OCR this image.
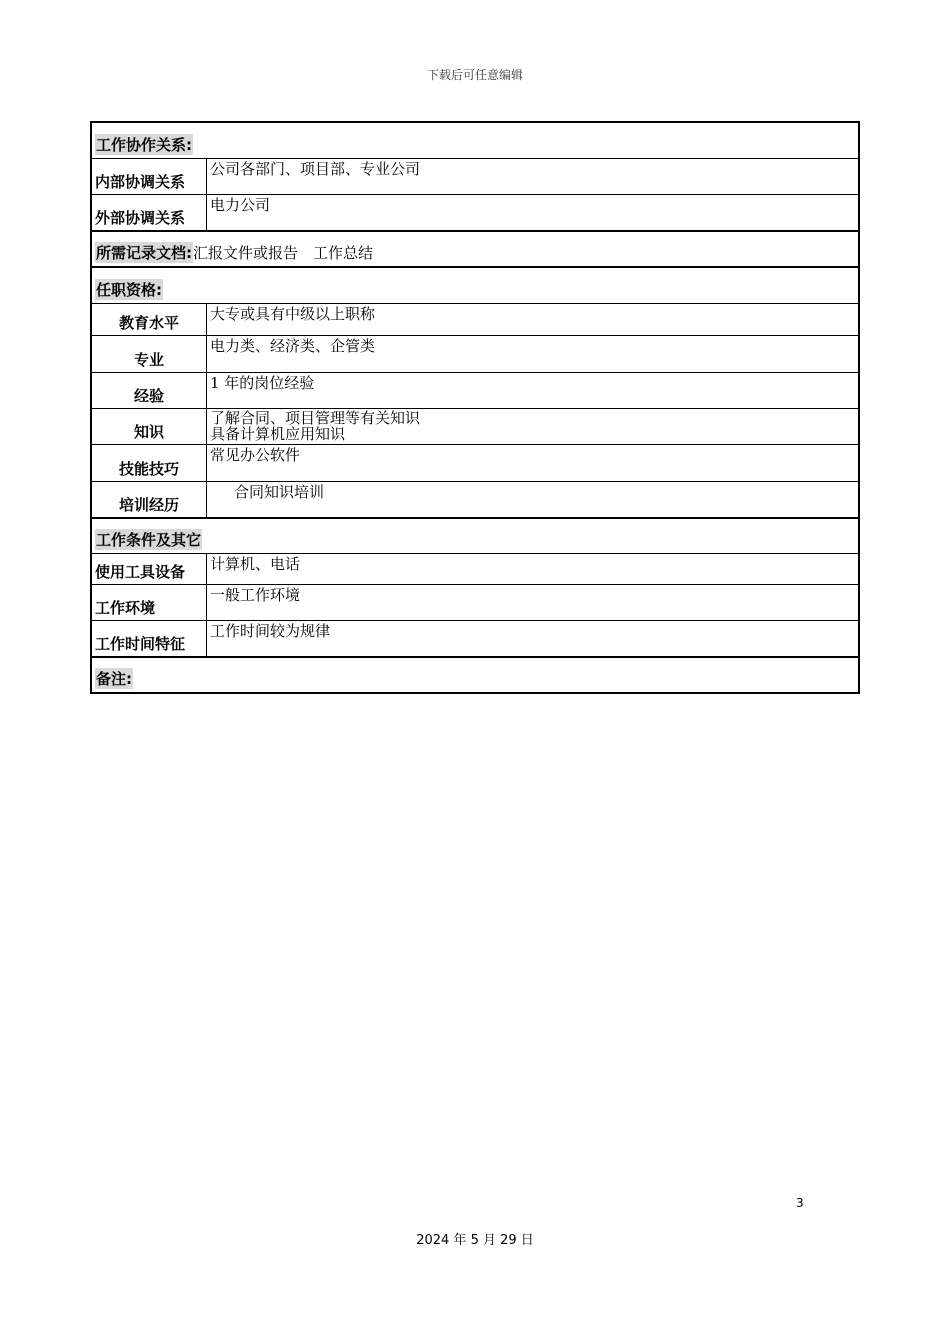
下载后可任意编辑
工作协作关系:
内部协调关系
公司各部门、项目部、专业公司
外部协调关系
电力公司
所需记录文档: 汇报文件或报告　工作总结
任职资格:
教育水平	大专或具有中级以上职称
专业
电力类、经济类、企管类
经验
1 年的岗位经验
知识
了解合同、项目管理等有关知识
具备计算机应用知识
技能技巧
常见办公软件
培训经历
合同知识培训
工作条件及其它
使用工具设备	计算机、电话
工作环境
一般工作环境
工作时间特征
工作时间较为规律
备注:
3
2024 年 5 月 29 日
